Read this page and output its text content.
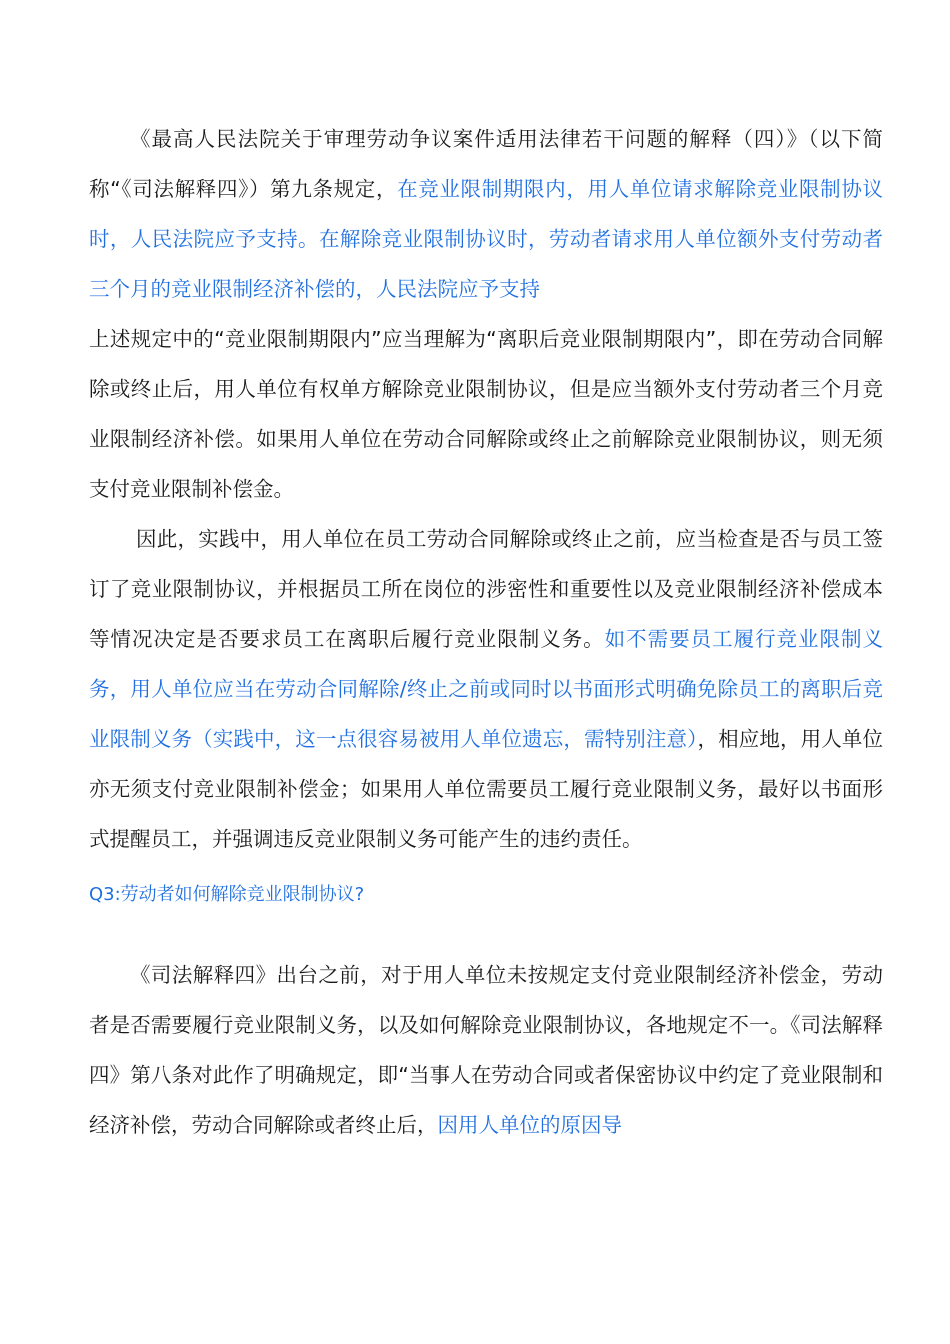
《最高人民法院关于审理劳动争议案件适用法律若干问题的解释（四）》（以下简称“《司法解释四》）第九条规定，在竞业限制期限内，用人单位请求解除竞业限制协议时，人民法院应予支持。在解除竞业限制协议时，劳动者请求用人单位额外支付劳动者三个月的竞业限制经济补偿的，人民法院应予支持

上述规定中的“竞业限制期限内”应当理解为“离职后竞业限制期限内”，即在劳动合同解除或终止后，用人单位有权单方解除竞业限制协议，但是应当额外支付劳动者三个月竞业限制经济补偿。如果用人单位在劳动合同解除或终止之前解除竞业限制协议，则无须支付竞业限制补偿金。

因此，实践中，用人单位在员工劳动合同解除或终止之前，应当检查是否与员工签订了竞业限制协议，并根据员工所在岗位的涉密性和重要性以及竞业限制经济补偿成本等情况决定是否要求员工在离职后履行竞业限制义务。如不需要员工履行竞业限制义务，用人单位应当在劳动合同解除/终止之前或同时以书面形式明确免除员工的离职后竞业限制义务（实践中，这一点很容易被用人单位遗忘，需特别注意），相应地，用人单位亦无须支付竞业限制补偿金；如果用人单位需要员工履行竞业限制义务，最好以书面形式提醒员工，并强调违反竞业限制义务可能产生的违约责任。

Q3:劳动者如何解除竞业限制协议?

《司法解释四》出台之前，对于用人单位未按规定支付竞业限制经济补偿金，劳动者是否需要履行竞业限制义务，以及如何解除竞业限制协议，各地规定不一。《司法解释四》第八条对此作了明确规定，即“当事人在劳动合同或者保密协议中约定了竞业限制和经济补偿，劳动合同解除或者终止后，因用人单位的原因导
